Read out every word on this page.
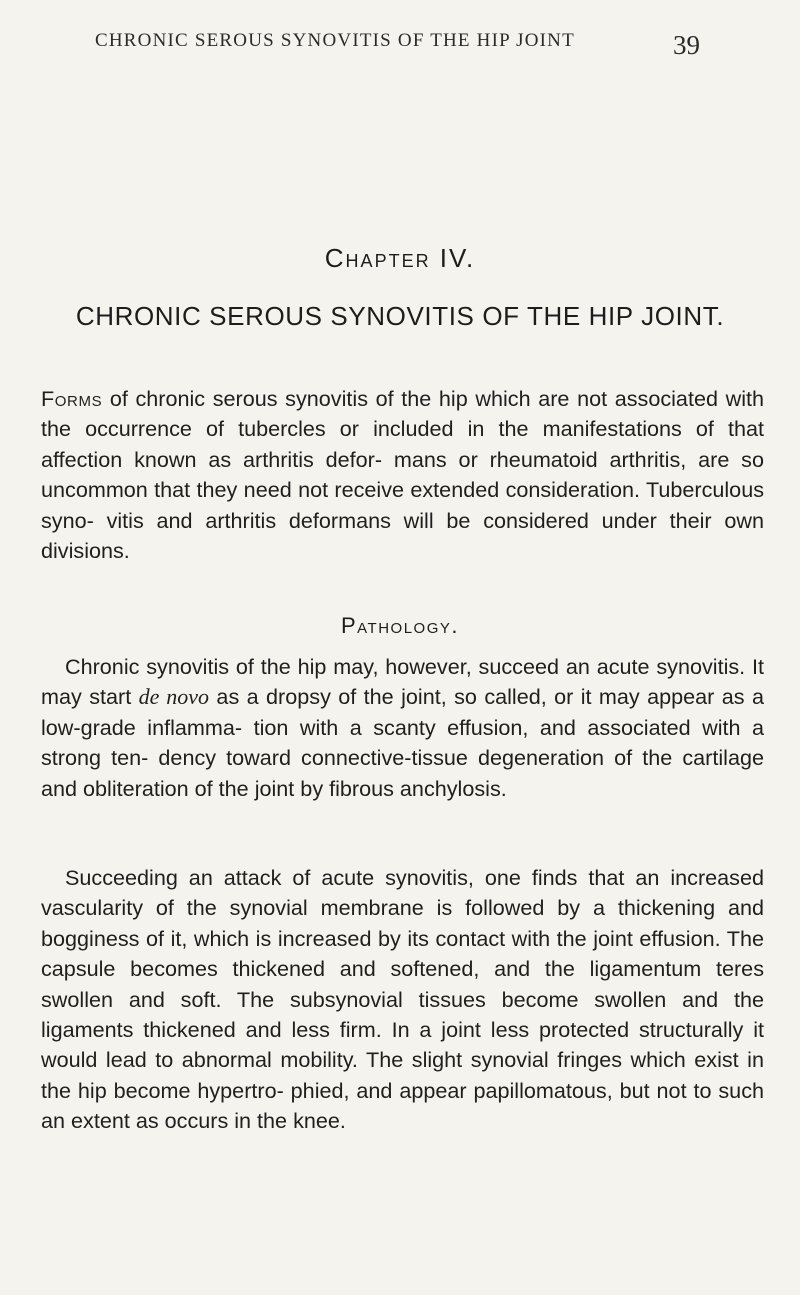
CHRONIC SEROUS SYNOVITIS OF THE HIP JOINT	39
Chapter IV.
CHRONIC SEROUS SYNOVITIS OF THE HIP JOINT.

Forms of chronic serous synovitis of the hip which are not associated with the occurrence of tubercles or included in the manifestations of that affection known as arthritis defor- mans or rheumatoid arthritis, are so uncommon that they need not receive extended consideration. Tuberculous syno- vitis and arthritis deformans will be considered under their own divisions.

Pathology.

Chronic synovitis of the hip may, however, succeed an acute synovitis. It may start de novo as a dropsy of the joint, so called, or it may appear as a low-grade inflamma- tion with a scanty effusion, and associated with a strong ten- dency toward connective-tissue degeneration of the cartilage and obliteration of the joint by fibrous anchylosis.

Succeeding an attack of acute synovitis, one finds that an increased vascularity of the synovial membrane is followed by a thickening and bogginess of it, which is increased by its contact with the joint effusion. The capsule becomes thickened and softened, and the ligamentum teres swollen and soft. The subsynovial tissues become swollen and the ligaments thickened and less firm. In a joint less protected structurally it would lead to abnormal mobility. The slight synovial fringes which exist in the hip become hypertro- phied, and appear papillomatous, but not to such an extent as occurs in the knee.
